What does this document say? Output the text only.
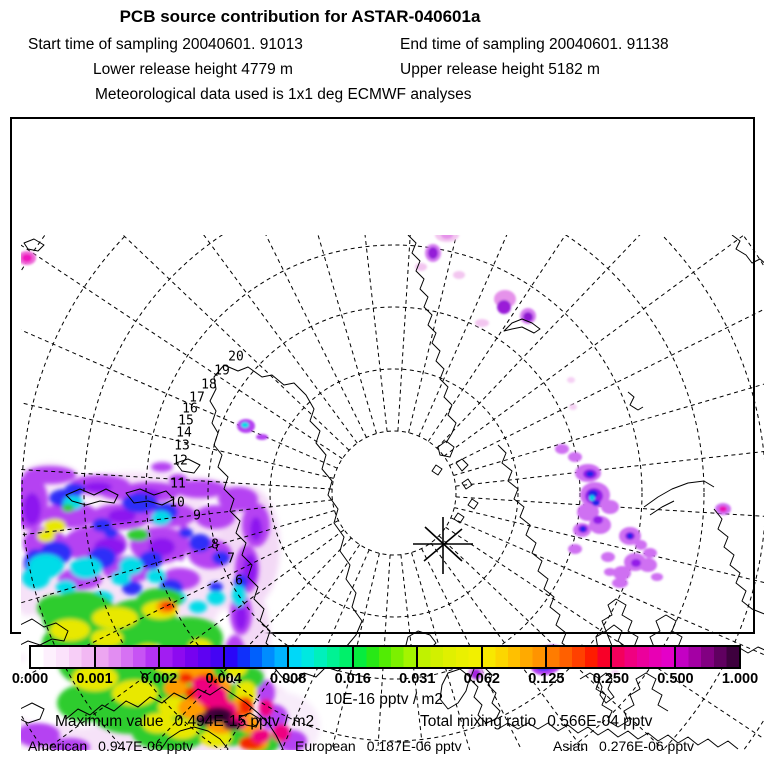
PCB source contribution for ASTAR-040601a
Start time of sampling 20040601. 91013	End time of sampling 20040601. 91138
Lower release height 4779 m	Upper release height 5182 m
Meteorological data used is 1x1 deg ECMWF analyses
20
19
18
17
16
15
14
13
12
11
10
9
8
7
6
0.000 0.001 0.002 0.004 0.008 0.016 0.031 0.062 0.125 0.250 0.500 1.000
10E-16 pptv / m2
Maximum value 0.494E-15 pptv / m2	Total mixing ratio 0.566E-04 pptv
American 0.947E-06 pptv	European 0.187E-06 pptv	Asian 0.276E-06 pptv
